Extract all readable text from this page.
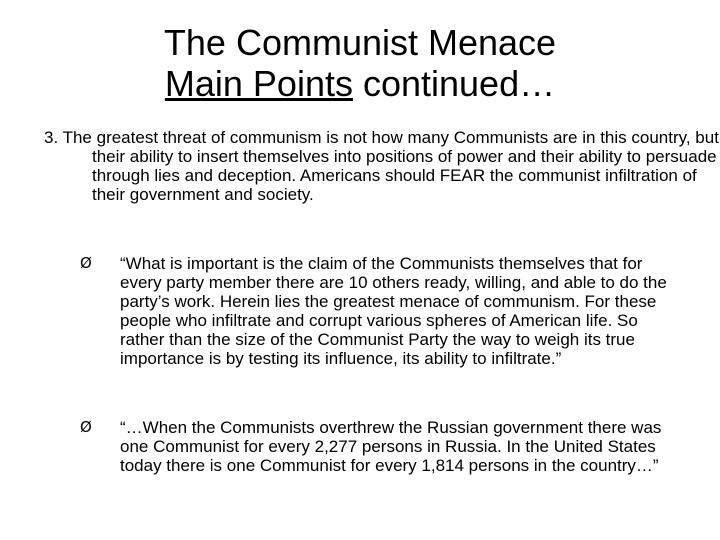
The Communist Menace
Main Points continued…
3. The greatest threat of communism is not how many Communists are in this country, but their ability to insert themselves into positions of power and their ability to persuade through lies and deception. Americans should FEAR the communist infiltration of their government and society.
Ø “What is important is the claim of the Communists themselves that for every party member there are 10 others ready, willing, and able to do the party’s work. Herein lies the greatest menace of communism. For these people who infiltrate and corrupt various spheres of American life. So rather than the size of the Communist Party the way to weigh its true importance is by testing its influence, its ability to infiltrate.”
Ø “…When the Communists overthrew the Russian government there was one Communist for every 2,277 persons in Russia. In the United States today there is one Communist for every 1,814 persons in the country…”
